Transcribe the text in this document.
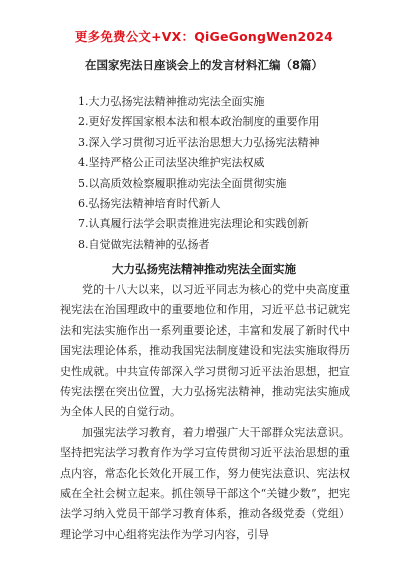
更多免费公文+VX：QiGeGongWen2024
在国家宪法日座谈会上的发言材料汇编（8篇）
1.大力弘扬宪法精神推动宪法全面实施
2.更好发挥国家根本法和根本政治制度的重要作用
3.深入学习贯彻习近平法治思想大力弘扬宪法精神
4.坚持严格公正司法坚决维护宪法权威
5.以高质效检察履职推动宪法全面贯彻实施
6.弘扬宪法精神培育时代新人
7.认真履行法学会职责推进宪法理论和实践创新
8.自觉做宪法精神的弘扬者
大力弘扬宪法精神推动宪法全面实施

党的十八大以来，以习近平同志为核心的党中央高度重视宪法在治国理政中的重要地位和作用，习近平总书记就宪法和宪法实施作出一系列重要论述，丰富和发展了新时代中国宪法理论体系，推动我国宪法制度建设和宪法实施取得历史性成就。中共宣传部深入学习贯彻习近平法治思想，把宣传宪法摆在突出位置，大力弘扬宪法精神，推动宪法实施成为全体人民的自觉行动。

加强宪法学习教育，着力增强广大干部群众宪法意识。坚持把宪法学习教育作为学习宣传贯彻习近平法治思想的重点内容，常态化长效化开展工作，努力使宪法意识、宪法权威在全社会树立起来。抓住领导干部这个“关键少数”，把宪法学习纳入党员干部学习教育体系，推动各级党委（党组）理论学习中心组将宪法作为学习内容，引导
